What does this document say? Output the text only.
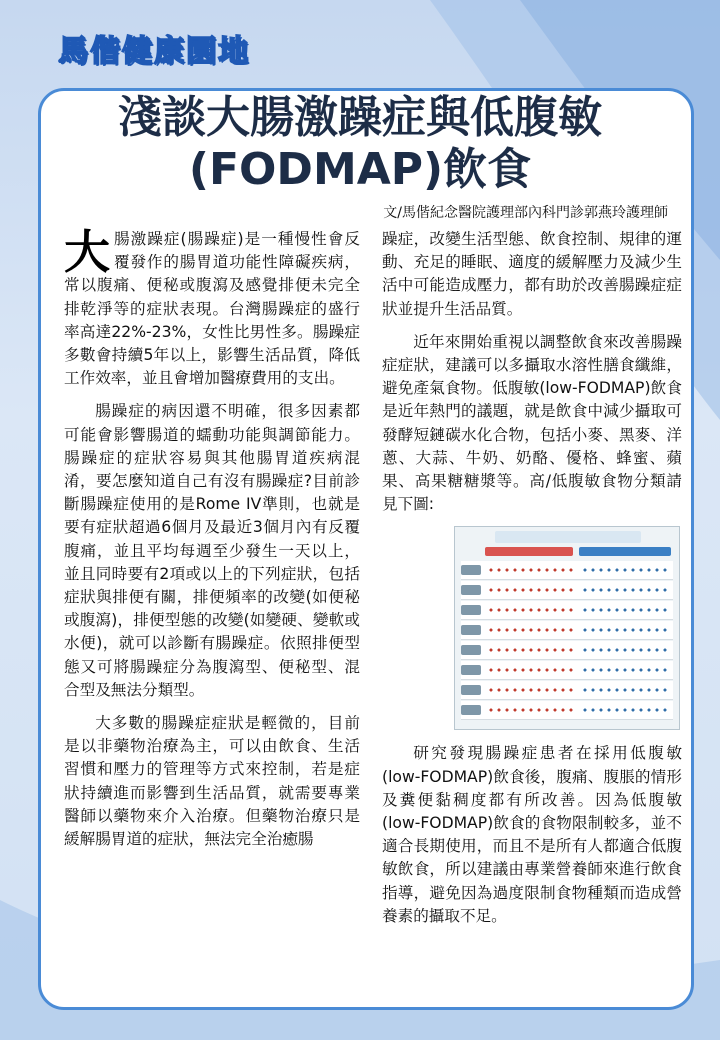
馬偕健康園地
淺談大腸激躁症與低腹敏
(FODMAP)飲食

文/馬偕紀念醫院護理部內科門診郭燕玲護理師

大腸激躁症(腸躁症)是一種慢性會反覆發作的腸胃道功能性障礙疾病，常以腹痛、便秘或腹瀉及感覺排便未完全排乾淨等的症狀表現。台灣腸躁症的盛行率高達22%-23%，女性比男性多。腸躁症多數會持續5年以上，影響生活品質，降低工作效率，並且會增加醫療費用的支出。

腸躁症的病因還不明確，很多因素都可能會影響腸道的蠕動功能與調節能力。腸躁症的症狀容易與其他腸胃道疾病混淆，要怎麼知道自己有沒有腸躁症?目前診斷腸躁症使用的是Rome IV準則，也就是要有症狀超過6個月及最近3個月內有反覆腹痛，並且平均每週至少發生一天以上，並且同時要有2項或以上的下列症狀，包括症狀與排便有關，排便頻率的改變(如便秘或腹瀉)，排便型態的改變(如變硬、變軟或水便)，就可以診斷有腸躁症。依照排便型態又可將腸躁症分為腹瀉型、便秘型、混合型及無法分類型。

大多數的腸躁症症狀是輕微的，目前是以非藥物治療為主，可以由飲食、生活習慣和壓力的管理等方式來控制，若是症狀持續進而影響到生活品質，就需要專業醫師以藥物來介入治療。但藥物治療只是緩解腸胃道的症狀，無法完全治癒腸

躁症，改變生活型態、飲食控制、規律的運動、充足的睡眠、適度的緩解壓力及減少生活中可能造成壓力，都有助於改善腸躁症症狀並提升生活品質。

近年來開始重視以調整飲食來改善腸躁症症狀，建議可以多攝取水溶性膳食纖維，避免產氣食物。低腹敏(low-FODMAP)飲食是近年熱門的議題，就是飲食中減少攝取可發酵短鏈碳水化合物，包括小麥、黑麥、洋蔥、大蒜、牛奶、奶酪、優格、蜂蜜、蘋果、高果糖糖漿等。高/低腹敏食物分類請見下圖:

研究發現腸躁症患者在採用低腹敏(low-FODMAP)飲食後，腹痛、腹脹的情形及糞便黏稠度都有所改善。因為低腹敏(low-FODMAP)飲食的食物限制較多，並不適合長期使用，而且不是所有人都適合低腹敏飲食，所以建議由專業營養師來進行飲食指導，避免因為過度限制食物種類而造成營養素的攝取不足。
